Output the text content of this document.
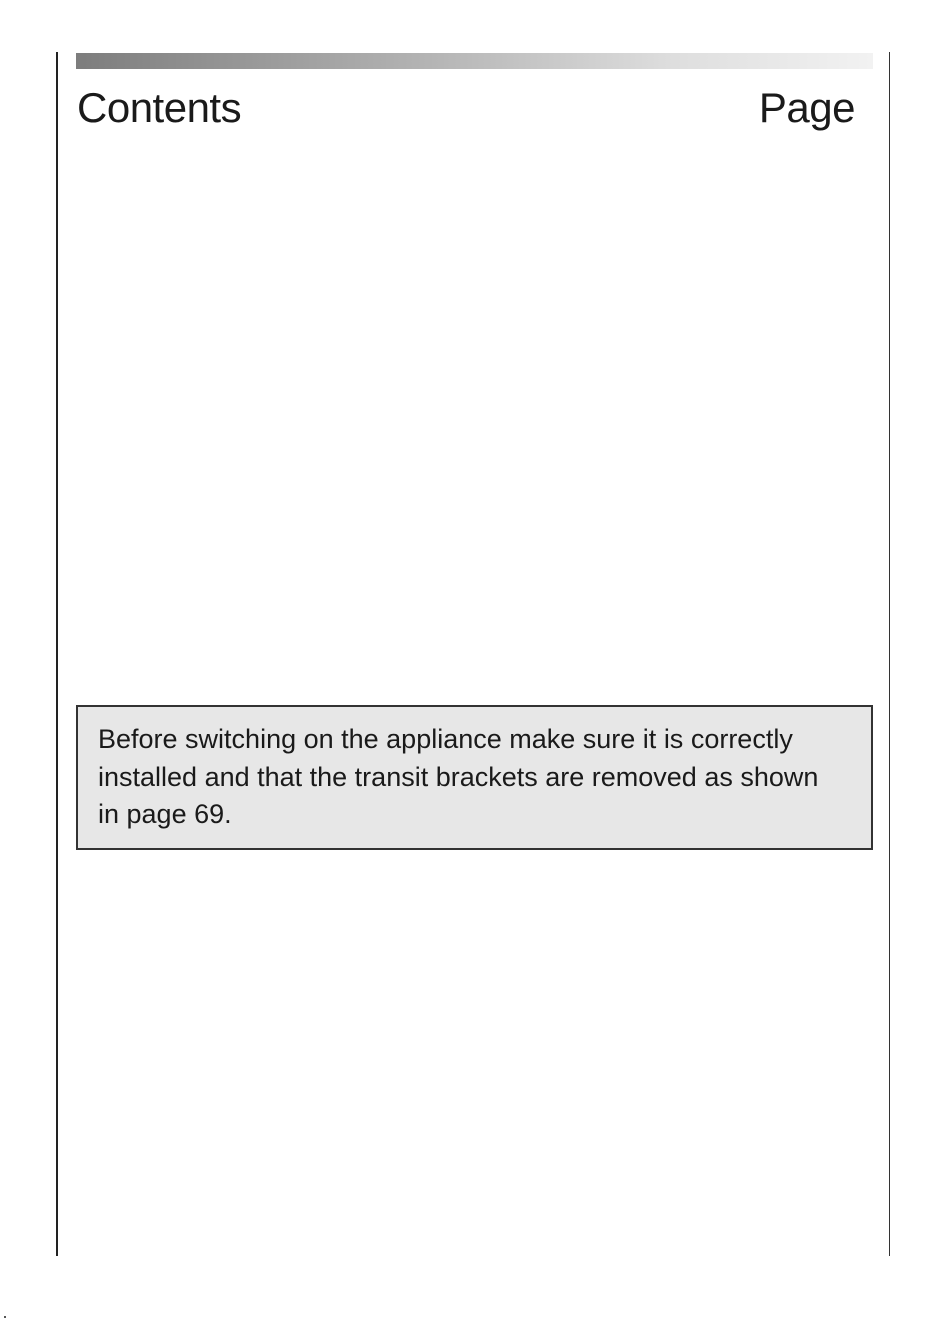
Contents	Page

Before switching on the appliance make sure it is correctly installed and that the transit brackets are removed as shown in page 69.
